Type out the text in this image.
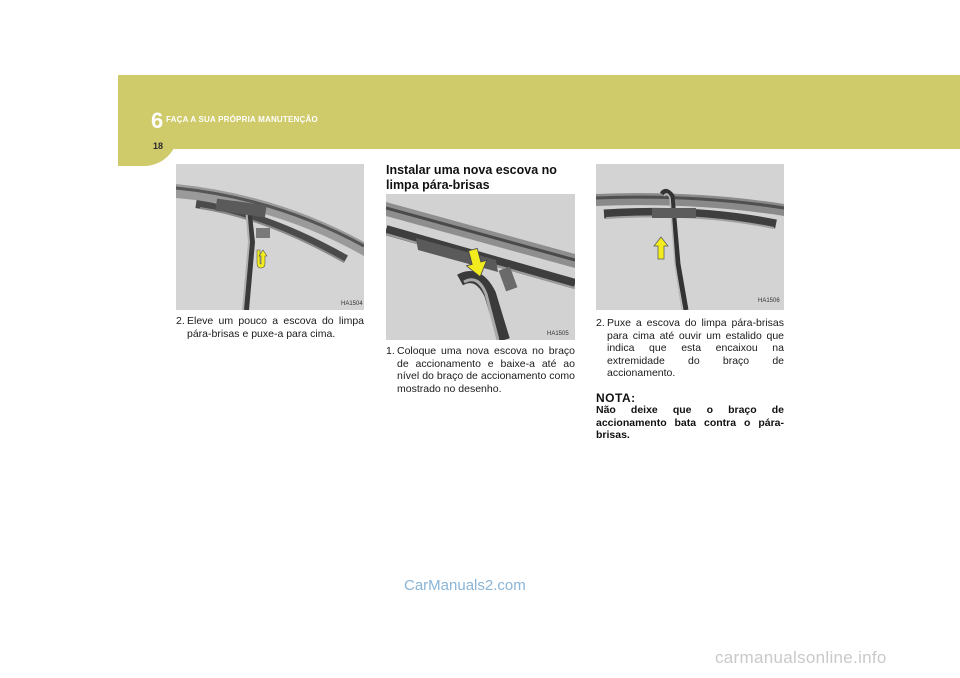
6 FAÇA A SUA PRÓPRIA MANUTENÇÃO
18
HA1504
HA1505
HA1506
2. Eleve um pouco a escova do limpa pára-brisas e puxe-a para cima.
Instalar uma nova escova no limpa pára-brisas
1. Coloque uma nova escova no braço de accionamento e baixe-a até ao nível do braço de accionamento como mostrado no desenho.
2. Puxe a escova do limpa pára-brisas para cima até ouvir um estalido que indica que esta encaixou na extremidade do braço de accionamento.
NOTA:
Não deixe que o braço de accionamento bata contra o pára-brisas.
CarManuals2.com
carmanualsonline.info
